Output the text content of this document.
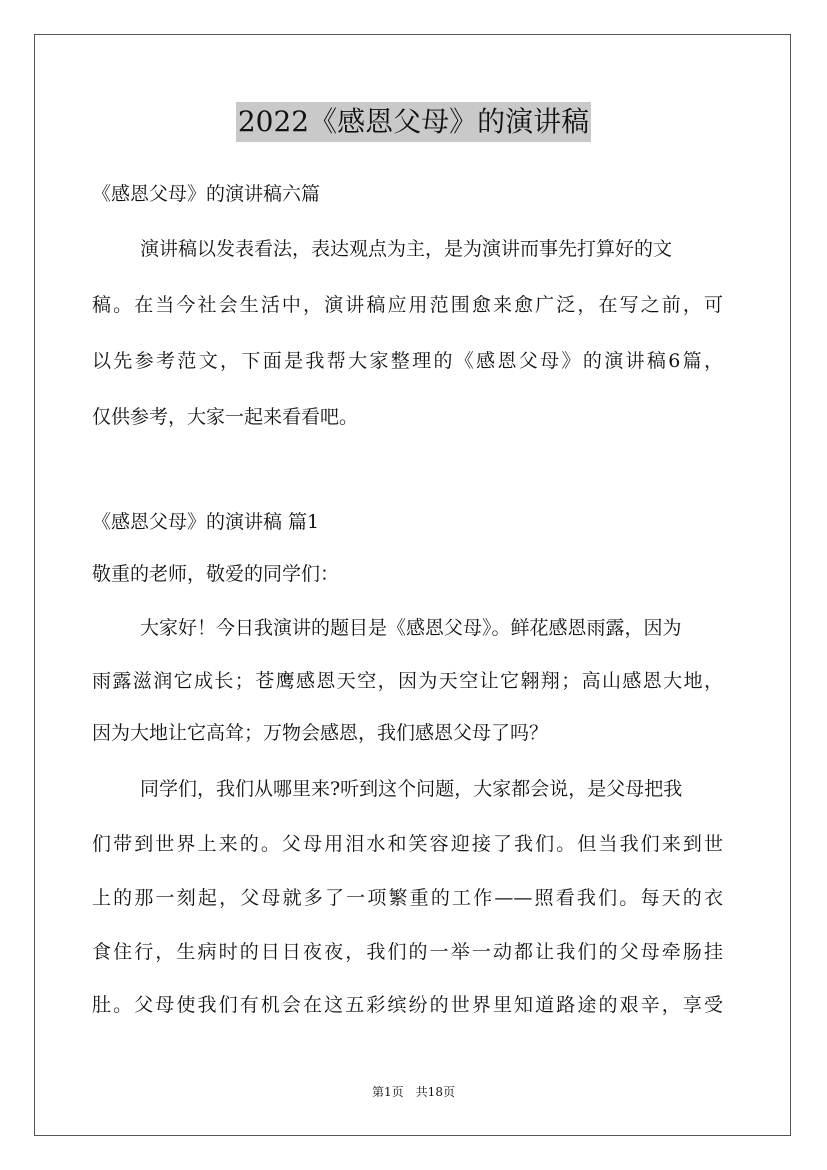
2022《感恩父母》的演讲稿
《感恩父母》的演讲稿六篇
演讲稿以发表看法，表达观点为主，是为演讲而事先打算好的文
稿。在当今社会生活中，演讲稿应用范围愈来愈广泛，在写之前，可
以先参考范文，下面是我帮大家整理的《感恩父母》的演讲稿6篇，
仅供参考，大家一起来看看吧。
《感恩父母》的演讲稿 篇1
敬重的老师，敬爱的同学们：
大家好！今日我演讲的题目是《感恩父母》。鲜花感恩雨露，因为
雨露滋润它成长；苍鹰感恩天空，因为天空让它翱翔；高山感恩大地，
因为大地让它高耸；万物会感恩，我们感恩父母了吗？
同学们，我们从哪里来?听到这个问题，大家都会说，是父母把我
们带到世界上来的。父母用泪水和笑容迎接了我们。但当我们来到世
上的那一刻起，父母就多了一项繁重的工作——照看我们。每天的衣
食住行，生病时的日日夜夜，我们的一举一动都让我们的父母牵肠挂
肚。父母使我们有机会在这五彩缤纷的世界里知道路途的艰辛，享受
第1页　共18页
